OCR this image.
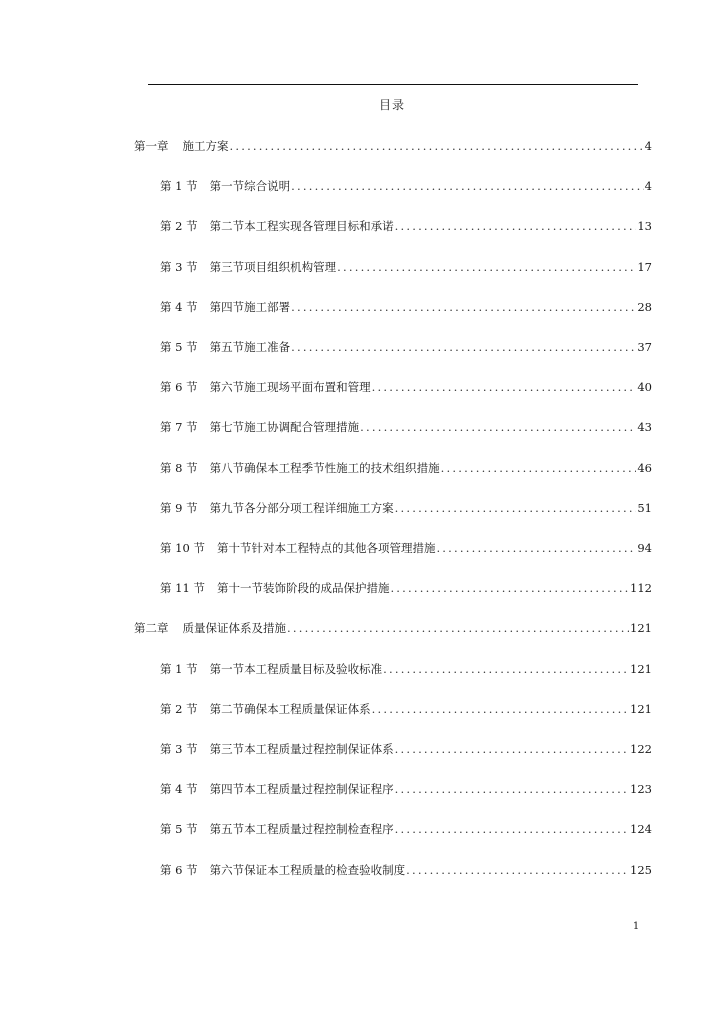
目录
第一章 施工方案 .....	4
第 1 节 第一节综合说明 .....	4
第 2 节 第二节本工程实现各管理目标和承诺 .....	13
第 3 节 第三节项目组织机构管理 .....	17
第 4 节 第四节施工部署 .....	28
第 5 节 第五节施工准备 .....	37
第 6 节 第六节施工现场平面布置和管理 .....	40
第 7 节 第七节施工协调配合管理措施 .....	43
第 8 节 第八节确保本工程季节性施工的技术组织措施 .....	46
第 9 节 第九节各分部分项工程详细施工方案 .....	51
第 10 节 第十节针对本工程特点的其他各项管理措施 .....	94
第 11 节 第十一节装饰阶段的成品保护措施 .....	112
第二章 质量保证体系及措施 .....	121
第 1 节 第一节本工程质量目标及验收标准 .....	121
第 2 节 第二节确保本工程质量保证体系 .....	121
第 3 节 第三节本工程质量过程控制保证体系 .....	122
第 4 节 第四节本工程质量过程控制保证程序 .....	123
第 5 节 第五节本工程质量过程控制检查程序 .....	124
第 6 节 第六节保证本工程质量的检查验收制度 .....	125
1
